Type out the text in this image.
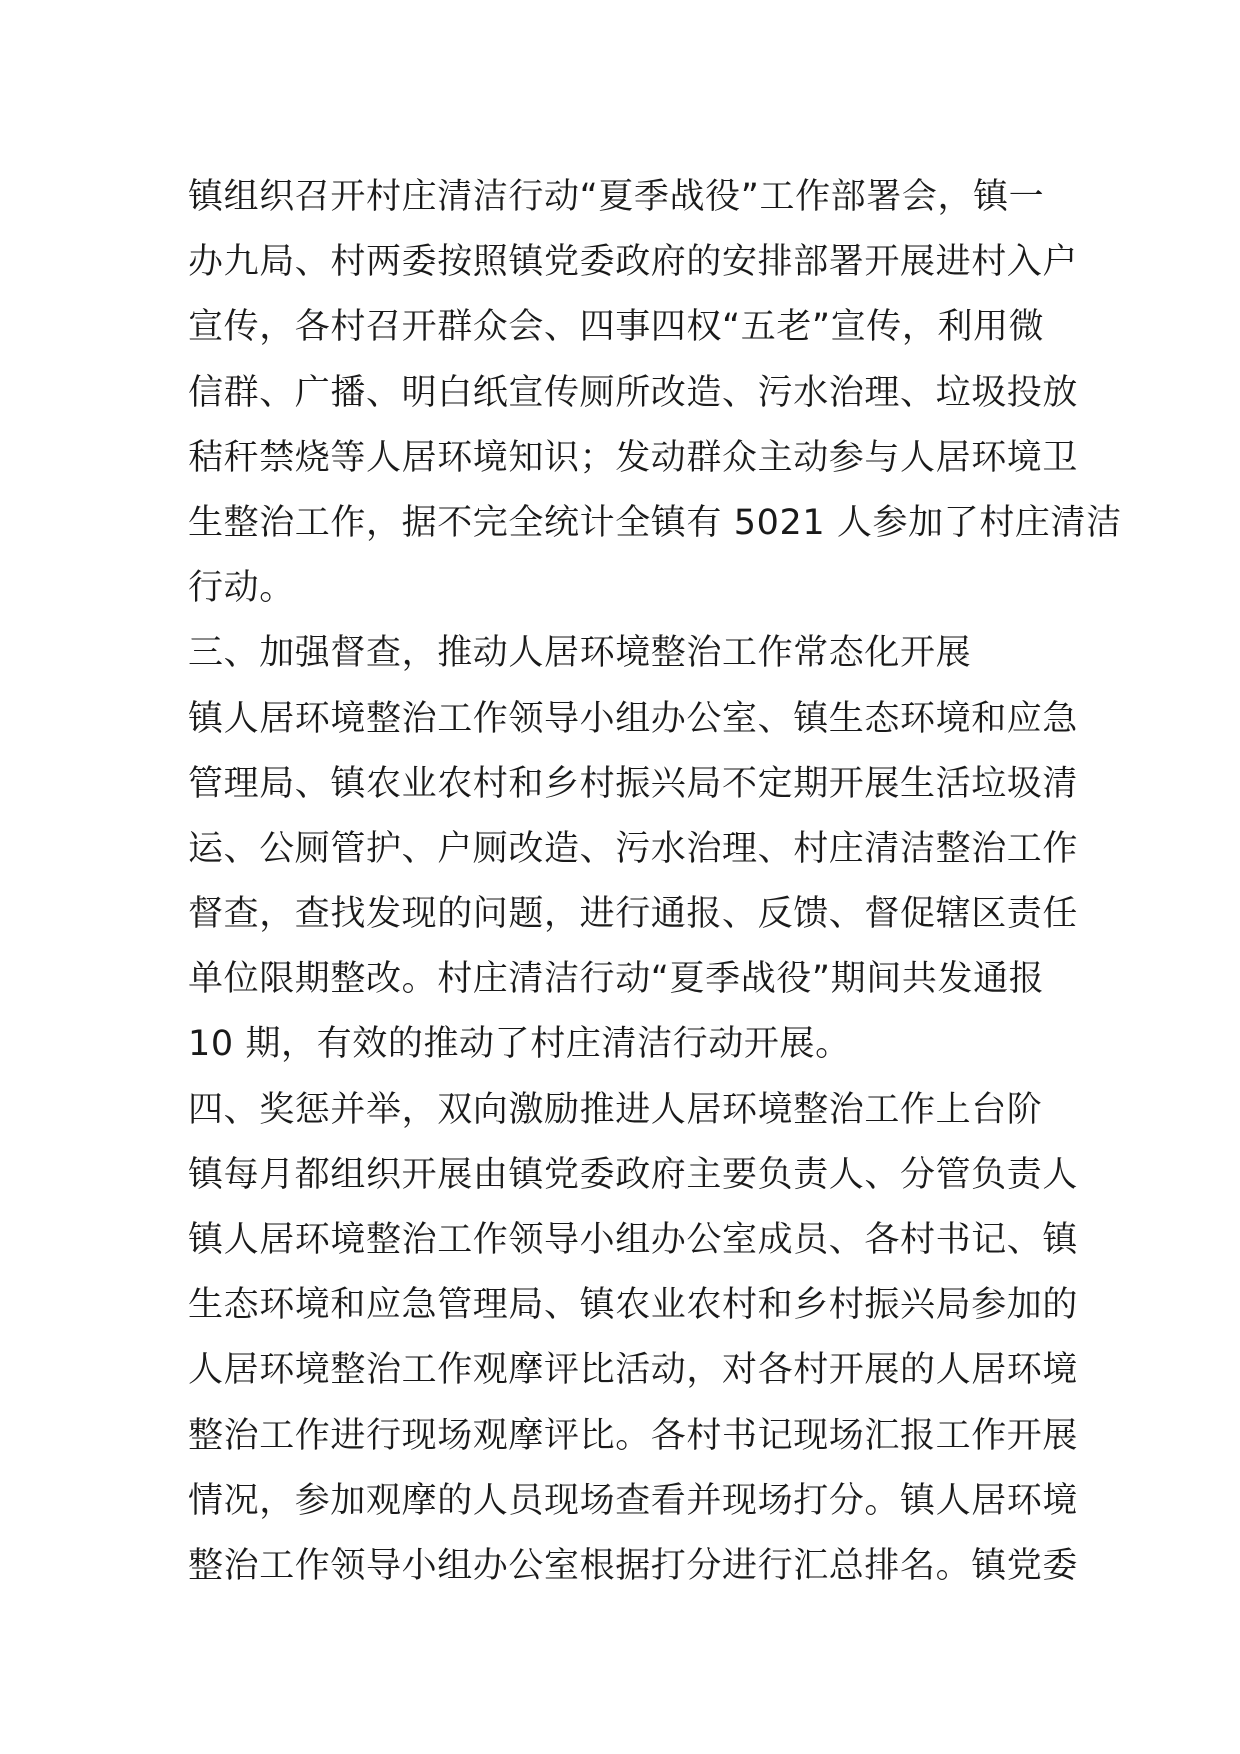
镇组织召开村庄清洁行动“夏季战役”工作部署会，镇一
办九局、村两委按照镇党委政府的安排部署开展进村入户
宣传，各村召开群众会、四事四权“五老”宣传，利用微
信群、广播、明白纸宣传厕所改造、污水治理、垃圾投放
秸秆禁烧等人居环境知识；发动群众主动参与人居环境卫
生整治工作，据不完全统计全镇有 5021 人参加了村庄清洁
行动。
三、加强督查，推动人居环境整治工作常态化开展
镇人居环境整治工作领导小组办公室、镇生态环境和应急
管理局、镇农业农村和乡村振兴局不定期开展生活垃圾清
运、公厕管护、户厕改造、污水治理、村庄清洁整治工作
督查，查找发现的问题，进行通报、反馈、督促辖区责任
单位限期整改。村庄清洁行动“夏季战役”期间共发通报
10 期，有效的推动了村庄清洁行动开展。
四、奖惩并举，双向激励推进人居环境整治工作上台阶
镇每月都组织开展由镇党委政府主要负责人、分管负责人
镇人居环境整治工作领导小组办公室成员、各村书记、镇
生态环境和应急管理局、镇农业农村和乡村振兴局参加的
人居环境整治工作观摩评比活动，对各村开展的人居环境
整治工作进行现场观摩评比。各村书记现场汇报工作开展
情况，参加观摩的人员现场查看并现场打分。镇人居环境
整治工作领导小组办公室根据打分进行汇总排名。镇党委
